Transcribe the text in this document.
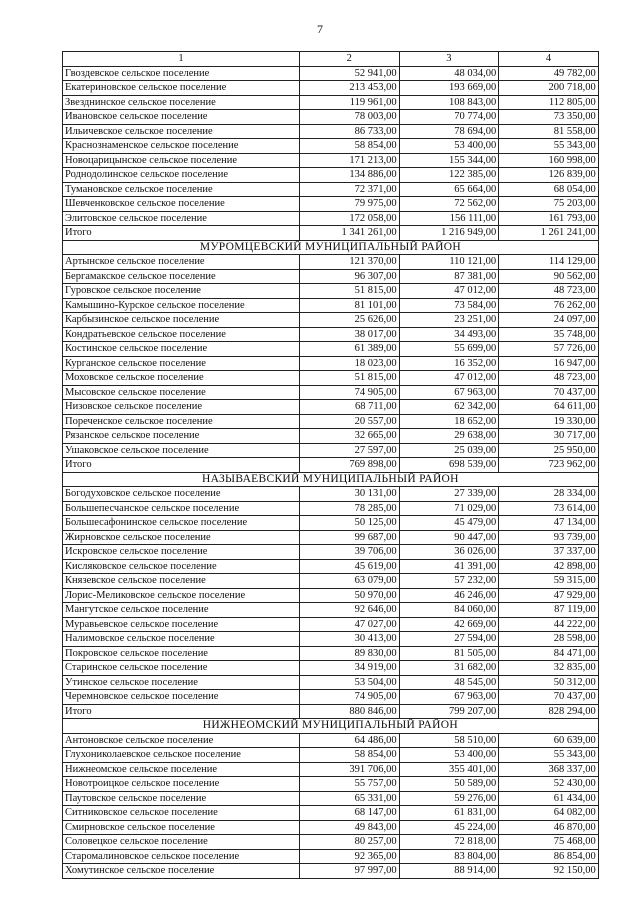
7
1	2	3	4
Гвоздевское сельское поселение	52 941,00	48 034,00	49 782,00
Екатериновское сельское поселение	213 453,00	193 669,00	200 718,00
Звезднинское сельское поселение	119 961,00	108 843,00	112 805,00
Ивановское сельское поселение	78 003,00	70 774,00	73 350,00
Ильичевское сельское поселение	86 733,00	78 694,00	81 558,00
Краснознаменское сельское поселение	58 854,00	53 400,00	55 343,00
Новоцарицынское сельское поселение	171 213,00	155 344,00	160 998,00
Роднодолинское сельское поселение	134 886,00	122 385,00	126 839,00
Тумановское сельское поселение	72 371,00	65 664,00	68 054,00
Шевченковское сельское поселение	79 975,00	72 562,00	75 203,00
Элитовское сельское поселение	172 058,00	156 111,00	161 793,00
Итого	1 341 261,00	1 216 949,00	1 261 241,00
МУРОМЦЕВСКИЙ МУНИЦИПАЛЬНЫЙ РАЙОН			
Артынское сельское поселение	121 370,00	110 121,00	114 129,00
Бергамакское сельское поселение	96 307,00	87 381,00	90 562,00
Гуровское сельское поселение	51 815,00	47 012,00	48 723,00
Камышино-Курское сельское поселение	81 101,00	73 584,00	76 262,00
Карбызинское сельское поселение	25 626,00	23 251,00	24 097,00
Кондратьевское сельское поселение	38 017,00	34 493,00	35 748,00
Костинское сельское поселение	61 389,00	55 699,00	57 726,00
Курганское сельское поселение	18 023,00	16 352,00	16 947,00
Моховское сельское поселение	51 815,00	47 012,00	48 723,00
Мысовское сельское поселение	74 905,00	67 963,00	70 437,00
Низовское сельское поселение	68 711,00	62 342,00	64 611,00
Пореченское сельское поселение	20 557,00	18 652,00	19 330,00
Рязанское сельское поселение	32 665,00	29 638,00	30 717,00
Ушаковское сельское поселение	27 597,00	25 039,00	25 950,00
Итого	769 898,00	698 539,00	723 962,00
НАЗЫВАЕВСКИЙ МУНИЦИПАЛЬНЫЙ РАЙОН			
Богодуховское сельское поселение	30 131,00	27 339,00	28 334,00
Большепесчанское сельское поселение	78 285,00	71 029,00	73 614,00
Большесафонинское сельское поселение	50 125,00	45 479,00	47 134,00
Жирновское сельское поселение	99 687,00	90 447,00	93 739,00
Искровское сельское поселение	39 706,00	36 026,00	37 337,00
Кисляковское сельское поселение	45 619,00	41 391,00	42 898,00
Князевское сельское поселение	63 079,00	57 232,00	59 315,00
Лорис-Меликовское сельское поселение	50 970,00	46 246,00	47 929,00
Мангутское сельское поселение	92 646,00	84 060,00	87 119,00
Муравьевское сельское поселение	47 027,00	42 669,00	44 222,00
Налимовское сельское поселение	30 413,00	27 594,00	28 598,00
Покровское сельское поселение	89 830,00	81 505,00	84 471,00
Старинское сельское поселение	34 919,00	31 682,00	32 835,00
Утинское сельское поселение	53 504,00	48 545,00	50 312,00
Черемновское сельское поселение	74 905,00	67 963,00	70 437,00
Итого	880 846,00	799 207,00	828 294,00
НИЖНЕОМСКИЙ МУНИЦИПАЛЬНЫЙ РАЙОН			
Антоновское сельское поселение	64 486,00	58 510,00	60 639,00
Глухониколаевское сельское поселение	58 854,00	53 400,00	55 343,00
Нижнеомское сельское поселение	391 706,00	355 401,00	368 337,00
Новотроицкое сельское поселение	55 757,00	50 589,00	52 430,00
Паутовское сельское поселение	65 331,00	59 276,00	61 434,00
Ситниковское сельское поселение	68 147,00	61 831,00	64 082,00
Смирновское сельское поселение	49 843,00	45 224,00	46 870,00
Соловецкое сельское поселение	80 257,00	72 818,00	75 468,00
Старомалиновское сельское поселение	92 365,00	83 804,00	86 854,00
Хомутинское сельское поселение	97 997,00	88 914,00	92 150,00
